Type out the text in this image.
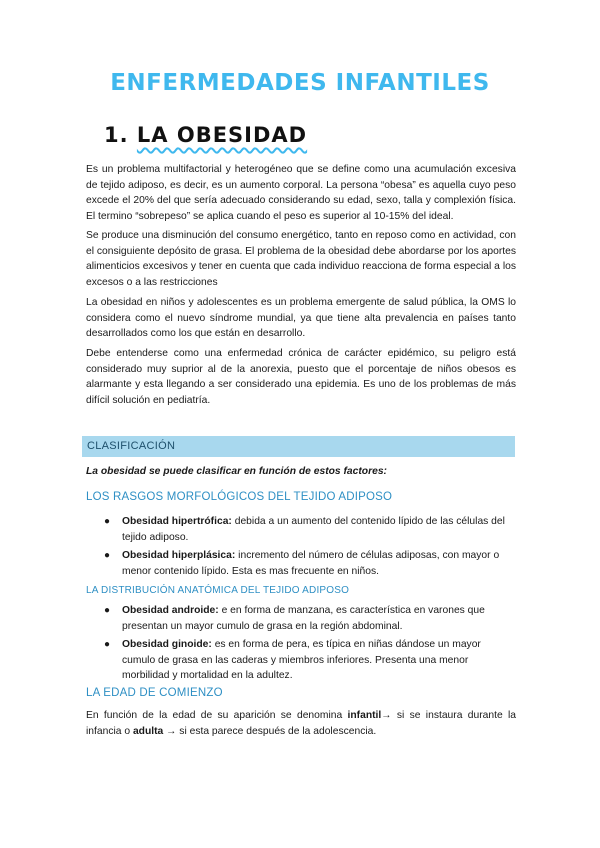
ENFERMEDADES INFANTILES
1. LA OBESIDAD

Es un problema multifactorial y heterogéneo que se define como una acumulación excesiva de tejido adiposo, es decir, es un aumento corporal. La persona “obesa” es aquella cuyo peso excede el 20% del que sería adecuado considerando su edad, sexo, talla y complexión física. El termino “sobrepeso” se aplica cuando el peso es superior al 10-15% del ideal.

Se produce una disminución del consumo energético, tanto en reposo como en actividad, con el consiguiente depósito de grasa. El problema de la obesidad debe abordarse por los aportes alimenticios excesivos y tener en cuenta que cada individuo reacciona de forma especial a los excesos o a las restricciones

La obesidad en niños y adolescentes es un problema emergente de salud pública, la OMS lo considera como el nuevo síndrome mundial, ya que tiene alta prevalencia en países tanto desarrollados como los que están en desarrollo.

Debe entenderse como una enfermedad crónica de carácter epidémico, su peligro está considerado muy suprior al de la anorexia, puesto que el porcentaje de niños obesos es alarmante y esta llegando a ser considerado una epidemia. Es uno de los problemas de más difícil solución en pediatría.

CLASIFICACIÓN
La obesidad se puede clasificar en función de estos factores:
LOS RASGOS MORFOLÓGICOS DEL TEJIDO ADIPOSO
● Obesidad hipertrófica: debida a un aumento del contenido lípido de las células del tejido adiposo.
● Obesidad hiperplásica: incremento del número de células adiposas, con mayor o menor contenido lípido. Esta es mas frecuente en niños.
LA DISTRIBUCIÓN ANATÓMICA DEL TEJIDO ADIPOSO
● Obesidad androide: e en forma de manzana, es característica en varones que presentan un mayor cumulo de grasa en la región abdominal.
● Obesidad ginoide: es en forma de pera, es típica en niñas dándose un mayor cumulo de grasa en las caderas y miembros inferiores. Presenta una menor morbilidad y mortalidad en la adultez.
LA EDAD DE COMIENZO

En función de la edad de su aparición se denomina infantil→ si se instaura durante la infancia o adulta → si esta parece después de la adolescencia.
